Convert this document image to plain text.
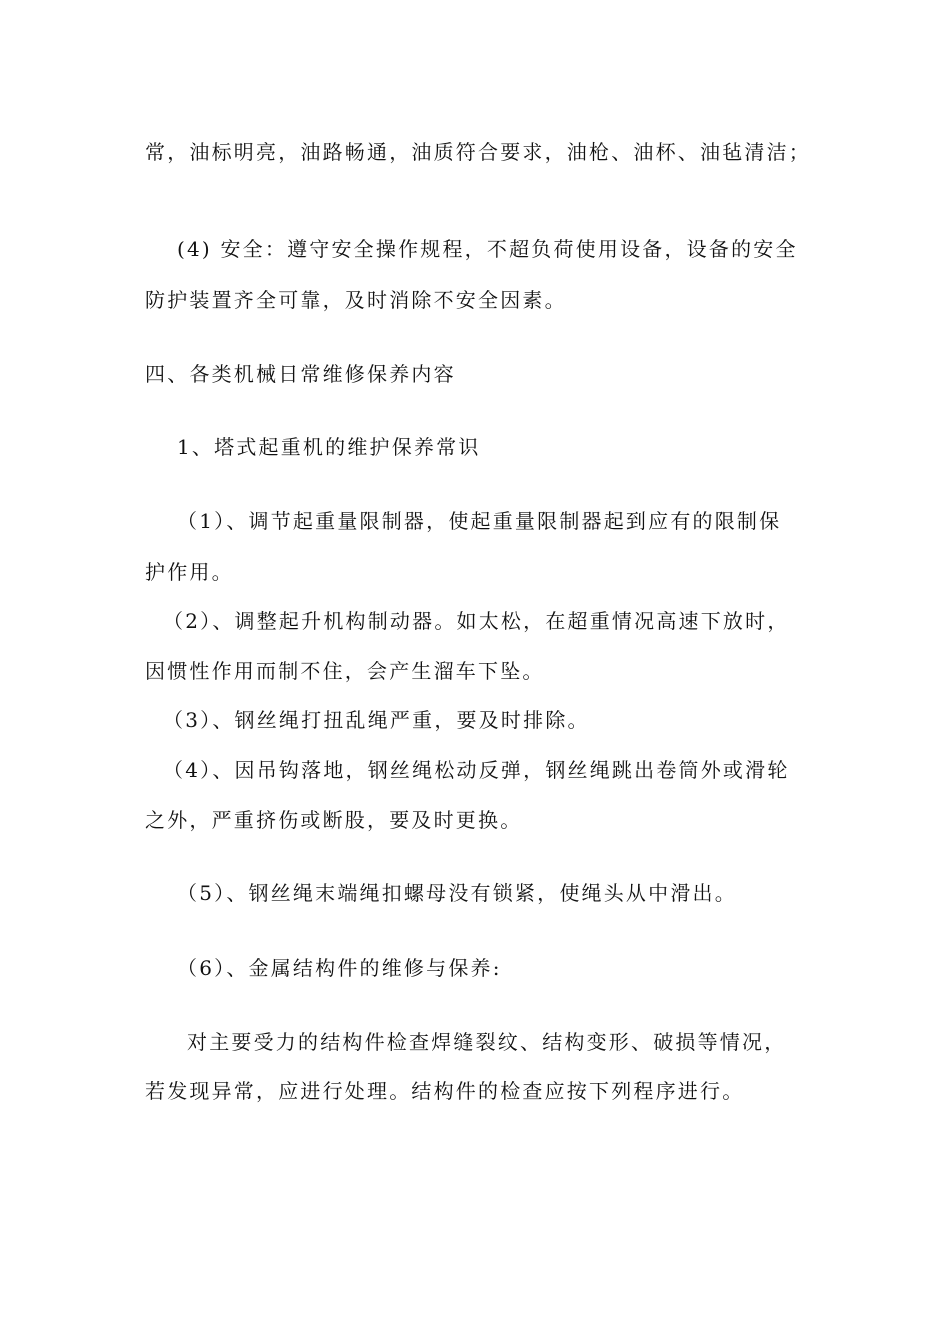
常，油标明亮，油路畅通，油质符合要求，油枪、油杯、油毡清洁；
(4) 安全：遵守安全操作规程，不超负荷使用设备，设备的安全
防护装置齐全可靠，及时消除不安全因素。
四、各类机械日常维修保养内容
1、塔式起重机的维护保养常识
（1）、调节起重量限制器，使起重量限制器起到应有的限制保
护作用。
（2）、调整起升机构制动器。如太松，在超重情况高速下放时，
因惯性作用而制不住，会产生溜车下坠。
（3）、钢丝绳打扭乱绳严重，要及时排除。
（4）、因吊钩落地，钢丝绳松动反弹，钢丝绳跳出卷筒外或滑轮
之外，严重挤伤或断股，要及时更换。
（5）、钢丝绳末端绳扣螺母没有锁紧，使绳头从中滑出。
（6）、金属结构件的维修与保养:
对主要受力的结构件检查焊缝裂纹、结构变形、破损等情况，
若发现异常，应进行处理。结构件的检查应按下列程序进行。
